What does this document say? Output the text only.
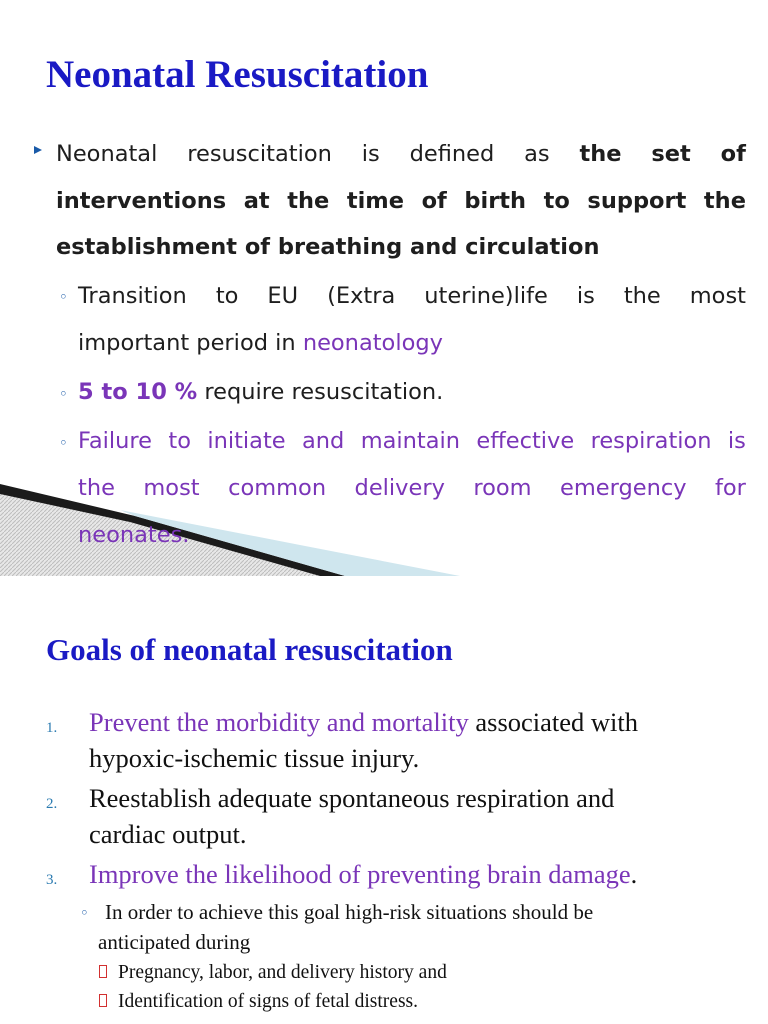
Neonatal Resuscitation
Neonatal resuscitation is defined as the set of
interventions at the time of birth to support the
establishment of breathing and circulation
◦ Transition to EU (Extra uterine)life is the most
important period in neonatology
◦ 5 to 10 % require resuscitation.
◦ Failure to initiate and maintain effective respiration is
the most common delivery room emergency for
neonates.
Goals of neonatal resuscitation
1. Prevent the morbidity and mortality associated with
hypoxic-ischemic tissue injury.
2. Reestablish adequate spontaneous respiration and
cardiac output.
3. Improve the likelihood of preventing brain damage.
◦ In order to achieve this goal high-risk situations should be
anticipated during
Pregnancy, labor, and delivery history and
Identification of signs of fetal distress.
